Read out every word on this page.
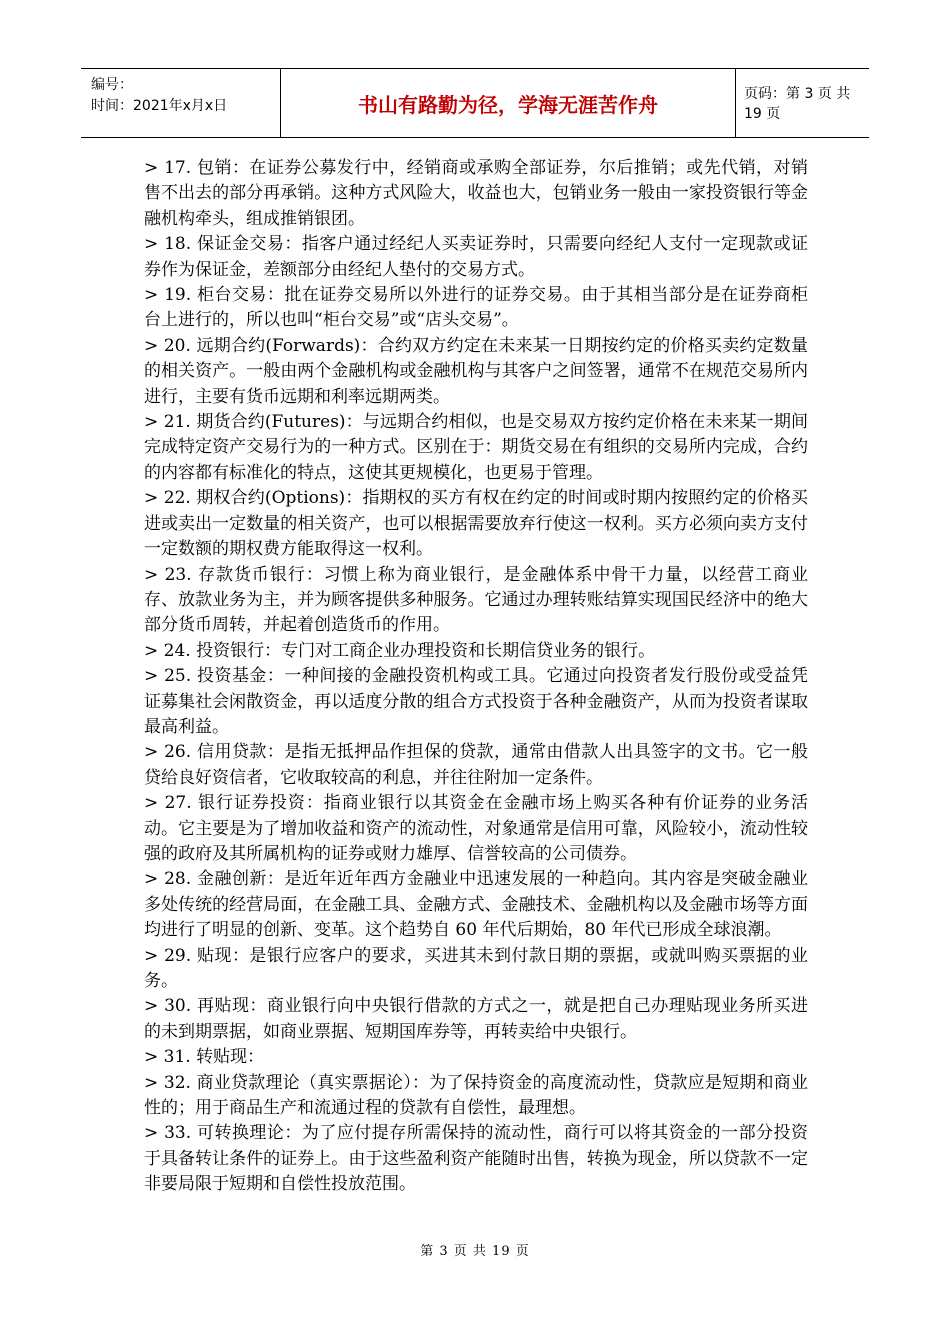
编号：
时间：2021年x月x日	书山有路勤为径，学海无涯苦作舟	页码：第 3 页 共 19 页

> 17. 包销：在证券公募发行中，经销商或承购全部证券，尔后推销；或先代销，对销售不出去的部分再承销。这种方式风险大，收益也大，包销业务一般由一家投资银行等金融机构牵头，组成推销银团。

> 18. 保证金交易：指客户通过经纪人买卖证券时，只需要向经纪人支付一定现款或证券作为保证金，差额部分由经纪人垫付的交易方式。

> 19. 柜台交易：批在证券交易所以外进行的证券交易。由于其相当部分是在证券商柜台上进行的，所以也叫“柜台交易”或“店头交易”。

> 20. 远期合约(Forwards)：合约双方约定在未来某一日期按约定的价格买卖约定数量的相关资产。一般由两个金融机构或金融机构与其客户之间签署，通常不在规范交易所内进行，主要有货币远期和利率远期两类。

> 21. 期货合约(Futures)：与远期合约相似，也是交易双方按约定价格在未来某一期间完成特定资产交易行为的一种方式。区别在于：期货交易在有组织的交易所内完成，合约的内容都有标准化的特点，这使其更规模化，也更易于管理。

> 22. 期权合约(Options)：指期权的买方有权在约定的时间或时期内按照约定的价格买进或卖出一定数量的相关资产，也可以根据需要放弃行使这一权利。买方必须向卖方支付一定数额的期权费方能取得这一权利。

> 23. 存款货币银行：习惯上称为商业银行，是金融体系中骨干力量，以经营工商业存、放款业务为主，并为顾客提供多种服务。它通过办理转账结算实现国民经济中的绝大部分货币周转，并起着创造货币的作用。

> 24. 投资银行：专门对工商企业办理投资和长期信贷业务的银行。

> 25. 投资基金：一种间接的金融投资机构或工具。它通过向投资者发行股份或受益凭证募集社会闲散资金，再以适度分散的组合方式投资于各种金融资产，从而为投资者谋取最高利益。

> 26. 信用贷款：是指无抵押品作担保的贷款，通常由借款人出具签字的文书。它一般贷给良好资信者，它收取较高的利息，并往往附加一定条件。

> 27. 银行证券投资：指商业银行以其资金在金融市场上购买各种有价证券的业务活动。它主要是为了增加收益和资产的流动性，对象通常是信用可靠，风险较小，流动性较强的政府及其所属机构的证券或财力雄厚、信誉较高的公司债券。

> 28. 金融创新：是近年近年西方金融业中迅速发展的一种趋向。其内容是突破金融业多处传统的经营局面，在金融工具、金融方式、金融技术、金融机构以及金融市场等方面均进行了明显的创新、变革。这个趋势自 60 年代后期始，80 年代已形成全球浪潮。

> 29. 贴现：是银行应客户的要求，买进其未到付款日期的票据，或就叫购买票据的业务。

> 30. 再贴现：商业银行向中央银行借款的方式之一，就是把自己办理贴现业务所买进的未到期票据，如商业票据、短期国库券等，再转卖给中央银行。

> 31. 转贴现：

> 32. 商业贷款理论（真实票据论）：为了保持资金的高度流动性，贷款应是短期和商业性的；用于商品生产和流通过程的贷款有自偿性，最理想。

> 33. 可转换理论：为了应付提存所需保持的流动性，商行可以将其资金的一部分投资于具备转让条件的证券上。由于这些盈利资产能随时出售，转换为现金，所以贷款不一定非要局限于短期和自偿性投放范围。

第 3 页 共 19 页
